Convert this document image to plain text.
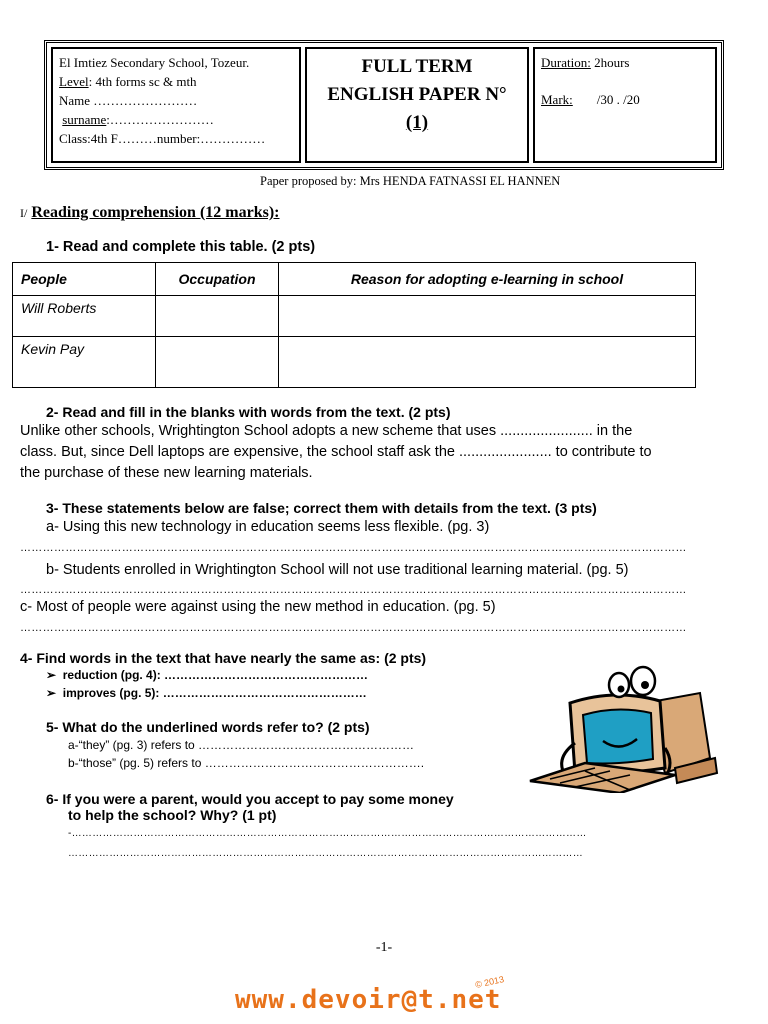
El Imtiez Secondary School, Tozeur.
Level: 4th forms sc & mth
Name ……………………
surname:……………………
Class:4th F………number:……………
FULL TERM
ENGLISH PAPER N°
(1)
Duration: 2hours
Mark: /30 . /20
Paper proposed by: Mrs HENDA FATNASSI EL HANNEN
I/ Reading comprehension (12 marks):
1- Read and complete this table. (2 pts)
People	Occupation	Reason for adopting e-learning in school
Will Roberts		
Kevin Pay		
2- Read and fill in the blanks with words from the text. (2 pts)
Unlike other schools, Wrightington School adopts a new scheme that uses ....................... in the
class. But, since Dell laptops are expensive, the school staff ask the ....................... to contribute to
the purchase of these new learning materials.
3- These statements below are false; correct them with details from the text. (3 pts)
a- Using this new technology in education seems less flexible. (pg. 3)
……………………………………………………………………………………………………………………………………………………………
b- Students enrolled in Wrightington School will not use traditional learning material. (pg. 5)
……………………………………………………………………………………………………………………………………………………………
c- Most of people were against using the new method in education. (pg. 5)
……………………………………………………………………………………………………………………………………………………………
4- Find words in the text that have nearly the same as: (2 pts)
➢ reduction (pg. 4): ……………………………………………
➢ improves (pg. 5): ……………………………………………
5- What do the underlined words refer to? (2 pts)
a-“they” (pg. 3) refers to ………………………………………………
b-“those” (pg. 5) refers to ……………………………………………….
6- If you were a parent, would you accept to pay some money
to help the school? Why? (1 pt)
-……………………………………………………………………………………………………………………………………
……………………………………………………………………………………………………………………………………
-1-
www.devoir@t.net
© 2013
